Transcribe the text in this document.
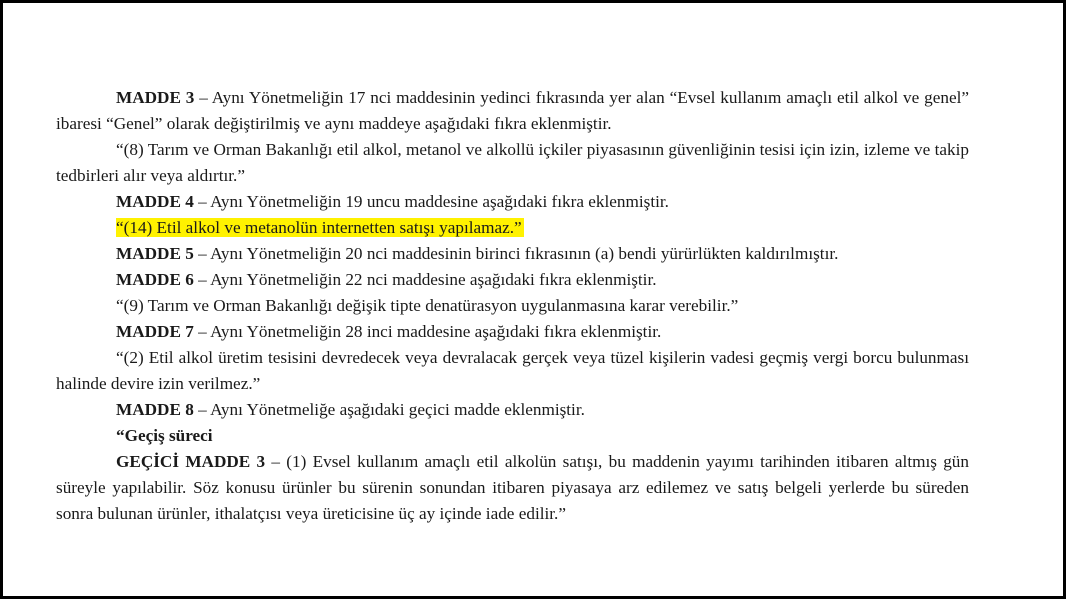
MADDE 3 – Aynı Yönetmeliğin 17 nci maddesinin yedinci fıkrasında yer alan “Evsel kullanım amaçlı etil alkol ve genel” ibaresi “Genel” olarak değiştirilmiş ve aynı maddeye aşağıdaki fıkra eklenmiştir.

“(8) Tarım ve Orman Bakanlığı etil alkol, metanol ve alkollü içkiler piyasasının güvenliğinin tesisi için izin, izleme ve takip tedbirleri alır veya aldırtır.”

MADDE 4 – Aynı Yönetmeliğin 19 uncu maddesine aşağıdaki fıkra eklenmiştir.

“(14) Etil alkol ve metanolün internetten satışı yapılamaz.”

MADDE 5 – Aynı Yönetmeliğin 20 nci maddesinin birinci fıkrasının (a) bendi yürürlükten kaldırılmıştır.

MADDE 6 – Aynı Yönetmeliğin 22 nci maddesine aşağıdaki fıkra eklenmiştir.

“(9) Tarım ve Orman Bakanlığı değişik tipte denatürasyon uygulanmasına karar verebilir.”

MADDE 7 – Aynı Yönetmeliğin 28 inci maddesine aşağıdaki fıkra eklenmiştir.

“(2) Etil alkol üretim tesisini devredecek veya devralacak gerçek veya tüzel kişilerin vadesi geçmiş vergi borcu bulunması halinde devire izin verilmez.”

MADDE 8 – Aynı Yönetmeliğe aşağıdaki geçici madde eklenmiştir.

“Geçiş süreci

GEÇİCİ MADDE 3 – (1) Evsel kullanım amaçlı etil alkolün satışı, bu maddenin yayımı tarihinden itibaren altmış gün süreyle yapılabilir. Söz konusu ürünler bu sürenin sonundan itibaren piyasaya arz edilemez ve satış belgeli yerlerde bu süreden sonra bulunan ürünler, ithalatçısı veya üreticisine üç ay içinde iade edilir.”
